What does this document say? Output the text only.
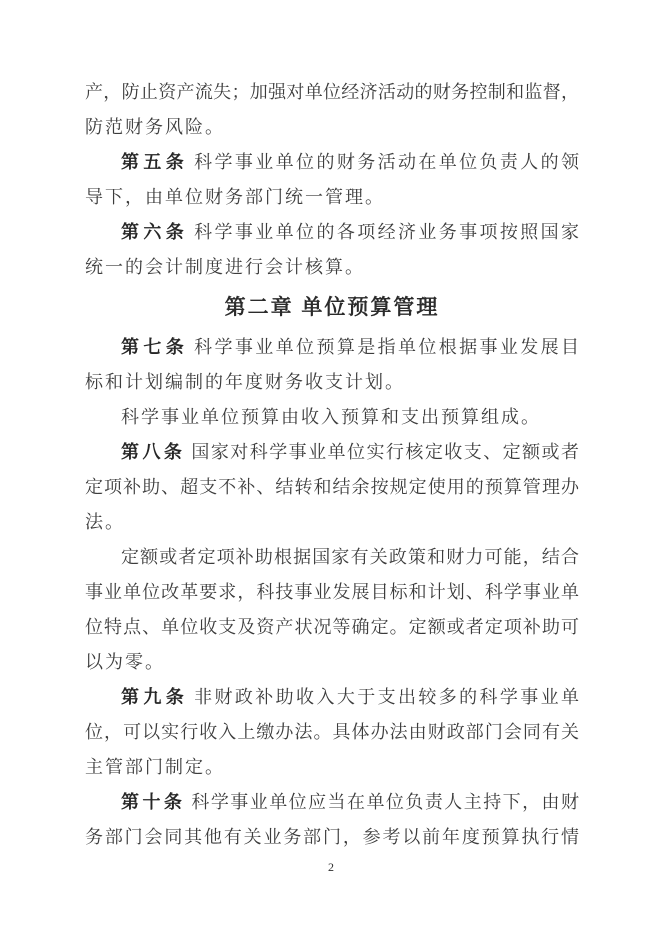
产，防止资产流失；加强对单位经济活动的财务控制和监督，
防范财务风险。
第五条 科学事业单位的财务活动在单位负责人的领
导下，由单位财务部门统一管理。
第六条 科学事业单位的各项经济业务事项按照国家
统一的会计制度进行会计核算。
第二章 单位预算管理
第七条 科学事业单位预算是指单位根据事业发展目
标和计划编制的年度财务收支计划。
科学事业单位预算由收入预算和支出预算组成。
第八条 国家对科学事业单位实行核定收支、定额或者
定项补助、超支不补、结转和结余按规定使用的预算管理办
法。
定额或者定项补助根据国家有关政策和财力可能，结合
事业单位改革要求，科技事业发展目标和计划、科学事业单
位特点、单位收支及资产状况等确定。定额或者定项补助可
以为零。
第九条 非财政补助收入大于支出较多的科学事业单
位，可以实行收入上缴办法。具体办法由财政部门会同有关
主管部门制定。
第十条 科学事业单位应当在单位负责人主持下，由财
务部门会同其他有关业务部门，参考以前年度预算执行情
2
